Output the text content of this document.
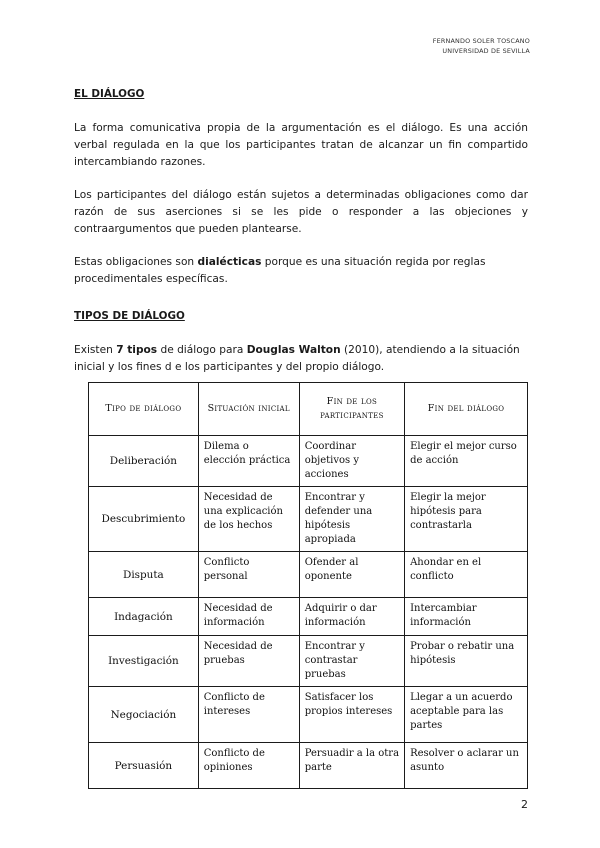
FERNANDO SOLER TOSCANO
UNIVERSIDAD DE SEVILLA
EL DIÁLOGO

La forma comunicativa propia de la argumentación es el diálogo. Es una acción verbal regulada en la que los participantes tratan de alcanzar un fin compartido intercambiando razones.

Los participantes del diálogo están sujetos a determinadas obligaciones como dar razón de sus aserciones si se les pide o responder a las objeciones y contraargumentos que pueden plantearse.

Estas obligaciones son dialécticas porque es una situación regida por reglas procedimentales específicas.

TIPOS DE DIÁLOGO

Existen 7 tipos de diálogo para Douglas Walton (2010), atendiendo a la situación inicial y los fines d e los participantes y del propio diálogo.

Tipo de diálogo	Situación inicial	Fin de los participantes	Fin del diálogo
Deliberación	Dilema o elección práctica	Coordinar objetivos y acciones	Elegir el mejor curso de acción
Descubrimiento	Necesidad de una explicación de los hechos	Encontrar y defender una hipótesis apropiada	Elegir la mejor hipótesis para contrastarla
Disputa	Conflicto personal	Ofender al oponente	Ahondar en el conflicto
Indagación	Necesidad de información	Adquirir o dar información	Intercambiar información
Investigación	Necesidad de pruebas	Encontrar y contrastar pruebas	Probar o rebatir una hipótesis
Negociación	Conflicto de intereses	Satisfacer los propios intereses	Llegar a un acuerdo aceptable para las partes
Persuasión	Conflicto de opiniones	Persuadir a la otra parte	Resolver o aclarar un asunto
2
